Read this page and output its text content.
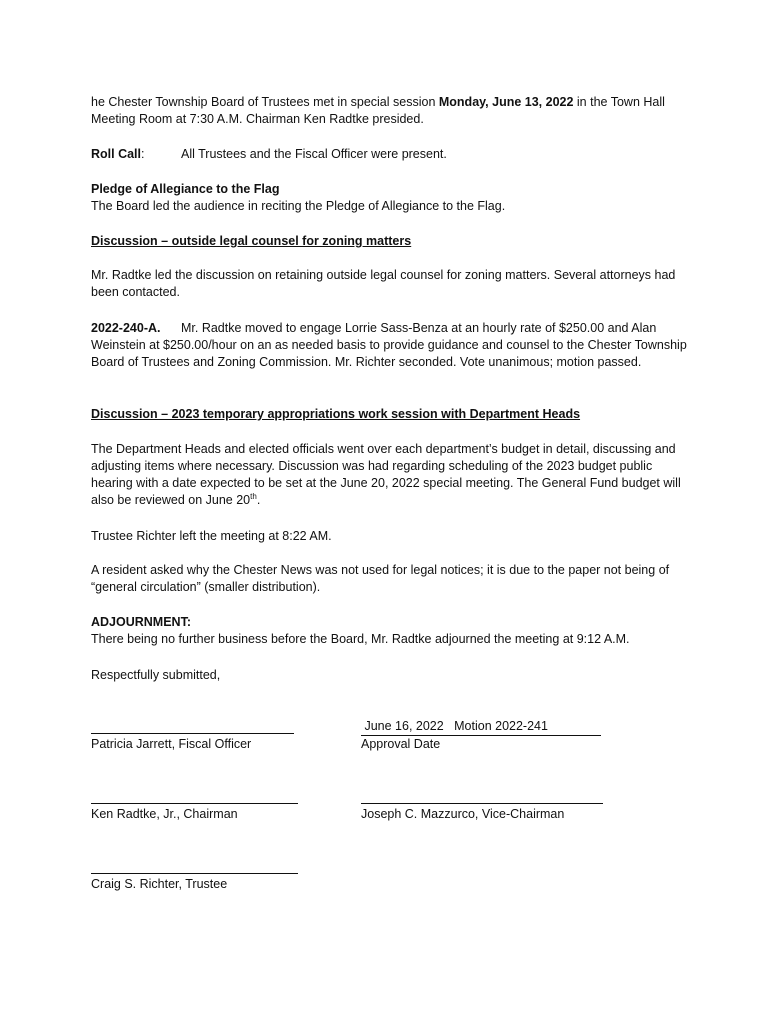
he Chester Township Board of Trustees met in special session Monday, June 13, 2022 in the Town Hall Meeting Room at 7:30 A.M. Chairman Ken Radtke presided.

Roll Call:	All Trustees and the Fiscal Officer were present.

Pledge of Allegiance to the Flag

The Board led the audience in reciting the Pledge of Allegiance to the Flag.

Discussion – outside legal counsel for zoning matters

Mr. Radtke led the discussion on retaining outside legal counsel for zoning matters. Several attorneys had been contacted.

2022-240-A. Mr. Radtke moved to engage Lorrie Sass-Benza at an hourly rate of $250.00 and Alan Weinstein at $250.00/hour on an as needed basis to provide guidance and counsel to the Chester Township Board of Trustees and Zoning Commission. Mr. Richter seconded. Vote unanimous; motion passed.

Discussion – 2023 temporary appropriations work session with Department Heads

The Department Heads and elected officials went over each department’s budget in detail, discussing and adjusting items where necessary. Discussion was had regarding scheduling of the 2023 budget public hearing with a date expected to be set at the June 20, 2022 special meeting. The General Fund budget will also be reviewed on June 20th.

Trustee Richter left the meeting at 8:22 AM.

A resident asked why the Chester News was not used for legal notices; it is due to the paper not being of “general circulation” (smaller distribution).

ADJOURNMENT:

There being no further business before the Board, Mr. Radtke adjourned the meeting at 9:12 A.M.

Respectfully submitted,

Patricia Jarrett, Fiscal Officer

June 16, 2022   Motion 2022-241

Approval Date

Ken Radtke, Jr., Chairman	Joseph C. Mazzurco, Vice-Chairman

Craig S. Richter, Trustee
